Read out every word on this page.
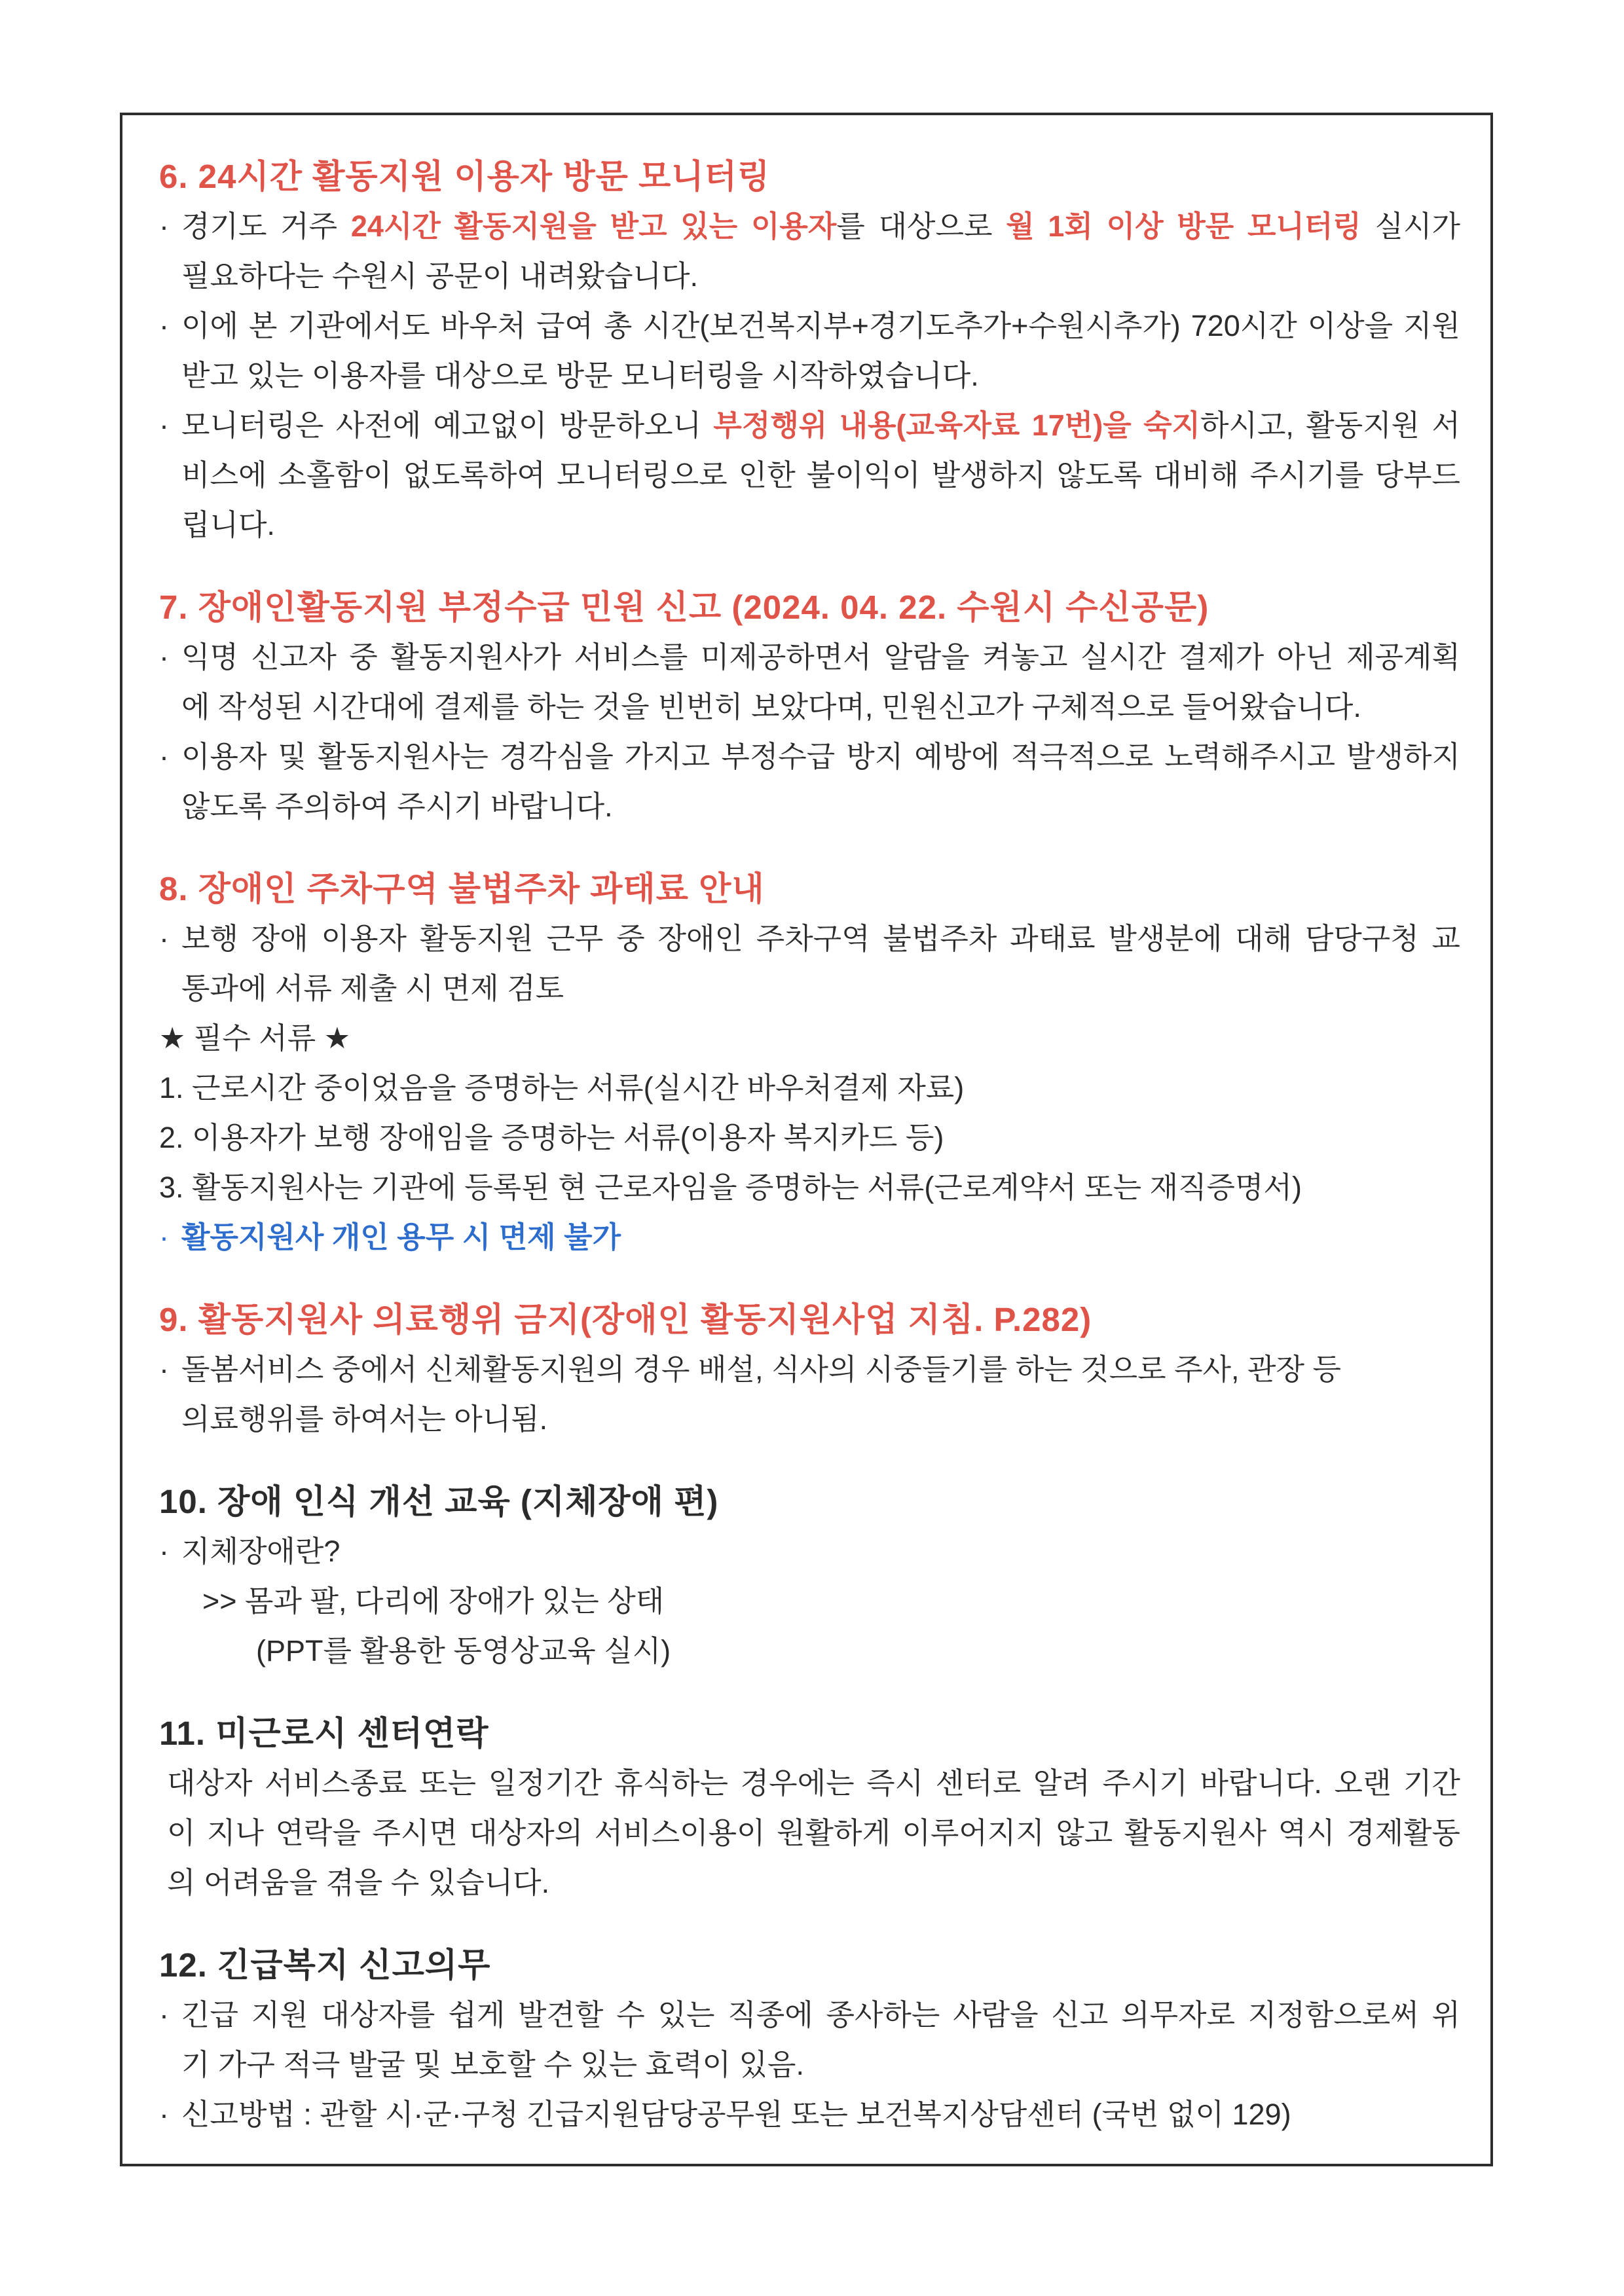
6. 24시간 활동지원 이용자 방문 모니터링
· 경기도 거주 24시간 활동지원을 받고 있는 이용자를 대상으로 월 1회 이상 방문 모니터링 실시가
필요하다는 수원시 공문이 내려왔습니다.
· 이에 본 기관에서도 바우처 급여 총 시간(보건복지부+경기도추가+수원시추가) 720시간 이상을 지원
받고 있는 이용자를 대상으로 방문 모니터링을 시작하였습니다.
· 모니터링은 사전에 예고없이 방문하오니 부정행위 내용(교육자료 17번)을 숙지하시고, 활동지원 서
비스에 소홀함이 없도록하여 모니터링으로 인한 불이익이 발생하지 않도록 대비해 주시기를 당부드
립니다.
7. 장애인활동지원 부정수급 민원 신고 (2024. 04. 22. 수원시 수신공문)
· 익명 신고자 중 활동지원사가 서비스를 미제공하면서 알람을 켜놓고 실시간 결제가 아닌 제공계획
에 작성된 시간대에 결제를 하는 것을 빈번히 보았다며, 민원신고가 구체적으로 들어왔습니다.
· 이용자 및 활동지원사는 경각심을 가지고 부정수급 방지 예방에 적극적으로 노력해주시고 발생하지
않도록 주의하여 주시기 바랍니다.
8. 장애인 주차구역 불법주차 과태료 안내
· 보행 장애 이용자 활동지원 근무 중 장애인 주차구역 불법주차 과태료 발생분에 대해 담당구청 교
통과에 서류 제출 시 면제 검토
★ 필수 서류 ★
1. 근로시간 중이었음을 증명하는 서류(실시간 바우처결제 자료)
2. 이용자가 보행 장애임을 증명하는 서류(이용자 복지카드 등)
3. 활동지원사는 기관에 등록된 현 근로자임을 증명하는 서류(근로계약서 또는 재직증명서)
· 활동지원사 개인 용무 시 면제 불가
9. 활동지원사 의료행위 금지(장애인 활동지원사업 지침. P.282)
· 돌봄서비스 중에서 신체활동지원의 경우 배설, 식사의 시중들기를 하는 것으로 주사, 관장 등
의료행위를 하여서는 아니됨.
10. 장애 인식 개선 교육 (지체장애 편)
· 지체장애란?
>> 몸과 팔, 다리에 장애가 있는 상태
(PPT를 활용한 동영상교육 실시)
11. 미근로시 센터연락
대상자 서비스종료 또는 일정기간 휴식하는 경우에는 즉시 센터로 알려 주시기 바랍니다. 오랜 기간
이 지나 연락을 주시면 대상자의 서비스이용이 원활하게 이루어지지 않고 활동지원사 역시 경제활동
의 어려움을 겪을 수 있습니다.
12. 긴급복지 신고의무
· 긴급 지원 대상자를 쉽게 발견할 수 있는 직종에 종사하는 사람을 신고 의무자로 지정함으로써 위
기 가구 적극 발굴 및 보호할 수 있는 효력이 있음.
· 신고방법 : 관할 시·군·구청 긴급지원담당공무원 또는 보건복지상담센터 (국번 없이 129)
